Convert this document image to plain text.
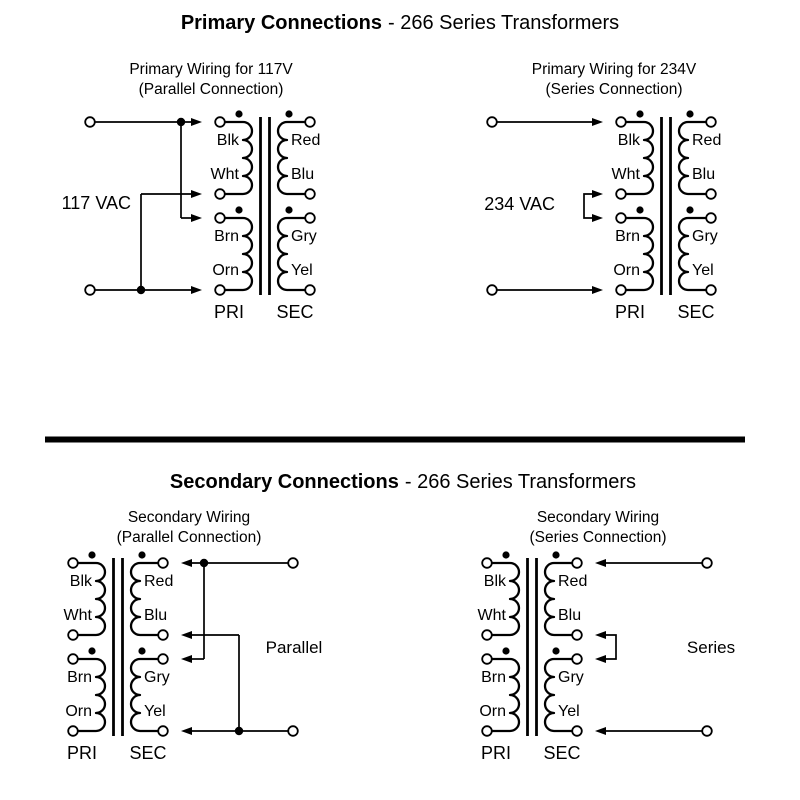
Primary Connections - 266 Series Transformers
Primary Wiring for 117V
(Parallel Connection)
117 VAC
Blk
Wht
Brn
Orn
Red
Blu
Gry
Yel
PRI SEC
Primary Wiring for 234V
(Series Connection)
234 VAC
Blk
Wht
Brn
Orn
Red
Blu
Gry
Yel
PRI SEC
Secondary Connections - 266 Series Transformers
Secondary Wiring
(Parallel Connection)
Blk
Wht
Brn
Orn
Red
Blu
Gry
Yel
PRI SEC
Parallel
Secondary Wiring
(Series Connection)
Blk
Wht
Brn
Orn
Red
Blu
Gry
Yel
PRI SEC
Series
